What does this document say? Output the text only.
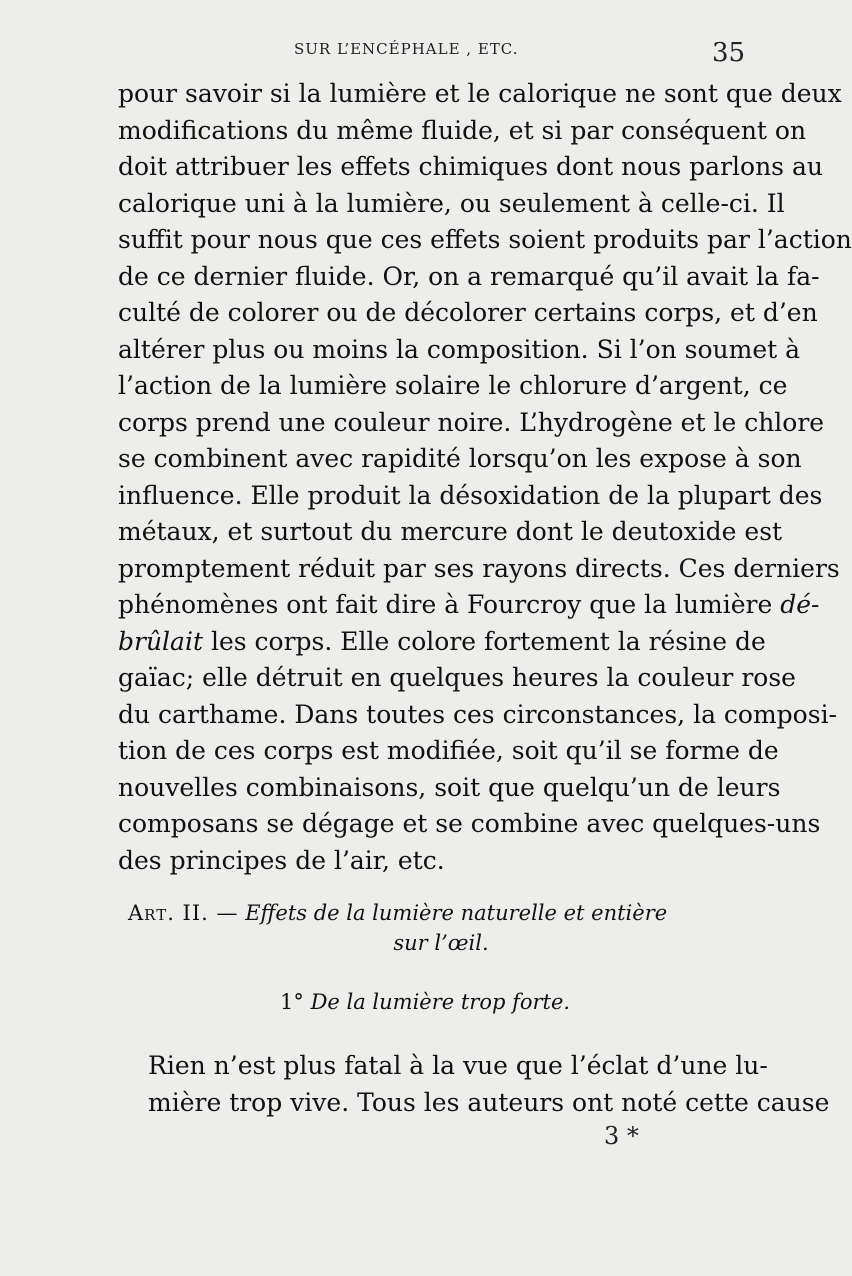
SUR L’ENCÉPHALE , ETC.	35
pour savoir si la lumière et le calorique ne sont que deux
modifications du même fluide, et si par conséquent on
doit attribuer les effets chimiques dont nous parlons au
calorique uni à la lumière, ou seulement à celle-ci. Il
suffit pour nous que ces effets soient produits par l’action
de ce dernier fluide. Or, on a remarqué qu’il avait la fa-
culté de colorer ou de décolorer certains corps, et d’en
altérer plus ou moins la composition. Si l’on soumet à
l’action de la lumière solaire le chlorure d’argent, ce
corps prend une couleur noire. L’hydrogène et le chlore
se combinent avec rapidité lorsqu’on les expose à son
influence. Elle produit la désoxidation de la plupart des
métaux, et surtout du mercure dont le deutoxide est
promptement réduit par ses rayons directs. Ces derniers
phénomènes ont fait dire à Fourcroy que la lumière dé-
brûlait les corps. Elle colore fortement la résine de
gaïac; elle détruit en quelques heures la couleur rose
du carthame. Dans toutes ces circonstances, la composi-
tion de ces corps est modifiée, soit qu’il se forme de
nouvelles combinaisons, soit que quelqu’un de leurs
composans se dégage et se combine avec quelques-uns
des principes de l’air, etc.
Art. II. — Effets de la lumière naturelle et entière
sur l’œil.
1° De la lumière trop forte.
Rien n’est plus fatal à la vue que l’éclat d’une lu-
mière trop vive. Tous les auteurs ont noté cette cause
3 *
